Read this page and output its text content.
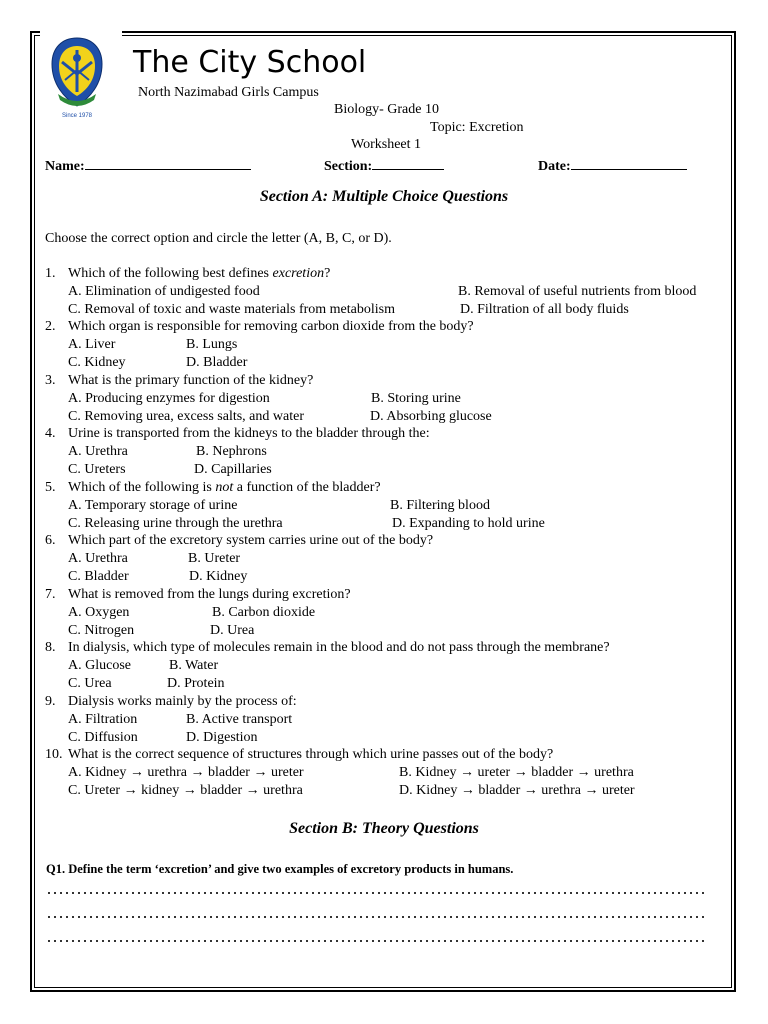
Since 1978
The City School
North Nazimabad Girls Campus
Biology- Grade 10
Topic: Excretion
Worksheet 1
Name:	Section:	Date:
Section A: Multiple Choice Questions
Choose the correct option and circle the letter (A, B, C, or D).
1. Which of the following best defines excretion?
A. Elimination of undigested food	B. Removal of useful nutrients from blood
C. Removal of toxic and waste materials from metabolism	D. Filtration of all body fluids
2. Which organ is responsible for removing carbon dioxide from the body?
A. Liver	B. Lungs
C. Kidney	D. Bladder
3. What is the primary function of the kidney?
A. Producing enzymes for digestion	B. Storing urine
C. Removing urea, excess salts, and water	D. Absorbing glucose
4. Urine is transported from the kidneys to the bladder through the:
A. Urethra	B. Nephrons
C. Ureters	D. Capillaries
5. Which of the following is not a function of the bladder?
A. Temporary storage of urine	B. Filtering blood
C. Releasing urine through the urethra	D. Expanding to hold urine
6. Which part of the excretory system carries urine out of the body?
A. Urethra	B. Ureter
C. Bladder	D. Kidney
7. What is removed from the lungs during excretion?
A. Oxygen	B. Carbon dioxide
C. Nitrogen	D. Urea
8. In dialysis, which type of molecules remain in the blood and do not pass through the membrane?
A. Glucose	B. Water
C. Urea	D. Protein
9. Dialysis works mainly by the process of:
A. Filtration	B. Active transport
C. Diffusion	D. Digestion
10. What is the correct sequence of structures through which urine passes out of the body?
A. Kidney → urethra → bladder → ureter	B. Kidney → ureter → bladder → urethra
C. Ureter → kidney → bladder → urethra	D. Kidney → bladder → urethra → ureter
Section B: Theory Questions
Q1. Define the term ‘excretion’ and give two examples of excretory products in humans.
